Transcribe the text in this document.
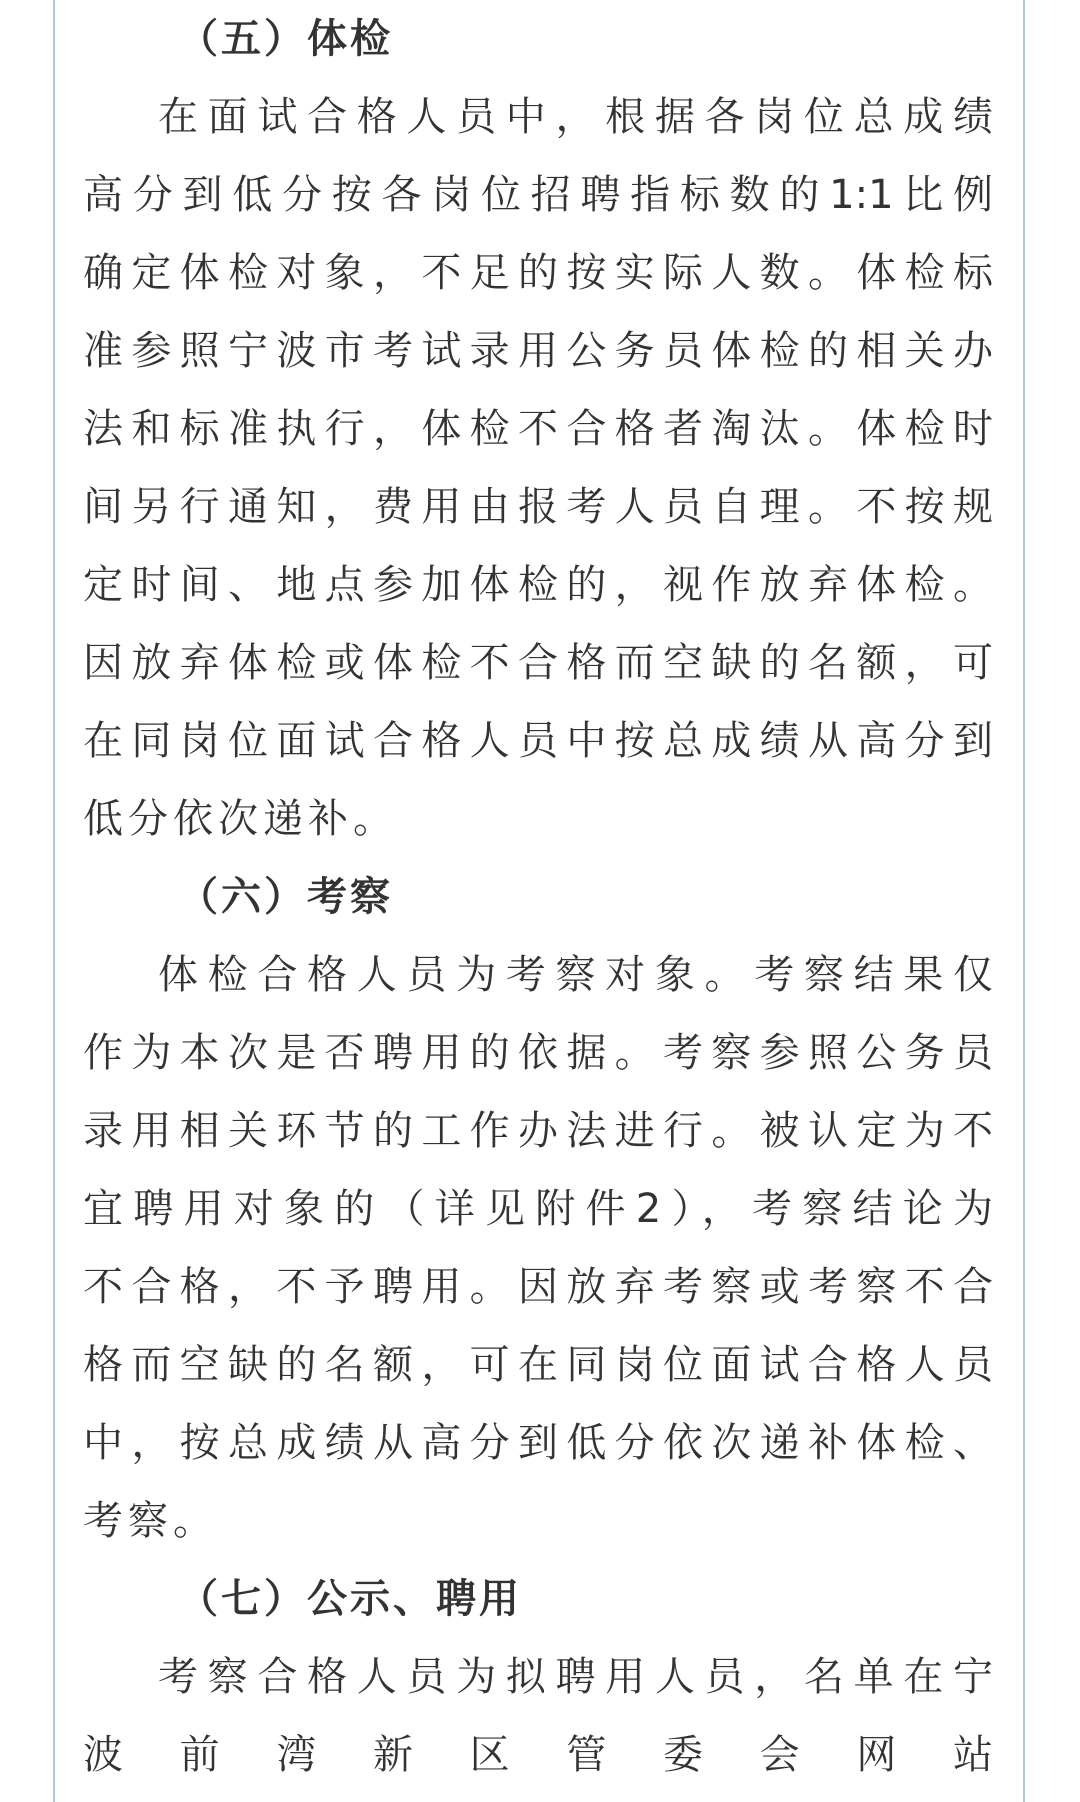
（五）体检
在面试合格人员中，根据各岗位总成绩
高分到低分按各岗位招聘指标数的1:1比例
确定体检对象，不足的按实际人数。体检标
准参照宁波市考试录用公务员体检的相关办
法和标准执行，体检不合格者淘汰。体检时
间另行通知，费用由报考人员自理。不按规
定时间、地点参加体检的，视作放弃体检。
因放弃体检或体检不合格而空缺的名额，可
在同岗位面试合格人员中按总成绩从高分到
低分依次递补。
（六）考察
体检合格人员为考察对象。考察结果仅
作为本次是否聘用的依据。考察参照公务员
录用相关环节的工作办法进行。被认定为不
宜聘用对象的（详见附件2），考察结论为
不合格，不予聘用。因放弃考察或考察不合
格而空缺的名额，可在同岗位面试合格人员
中，按总成绩从高分到低分依次递补体检、
考察。
（七）公示、聘用
考察合格人员为拟聘用人员，名单在宁
波前湾新区管委会网站
